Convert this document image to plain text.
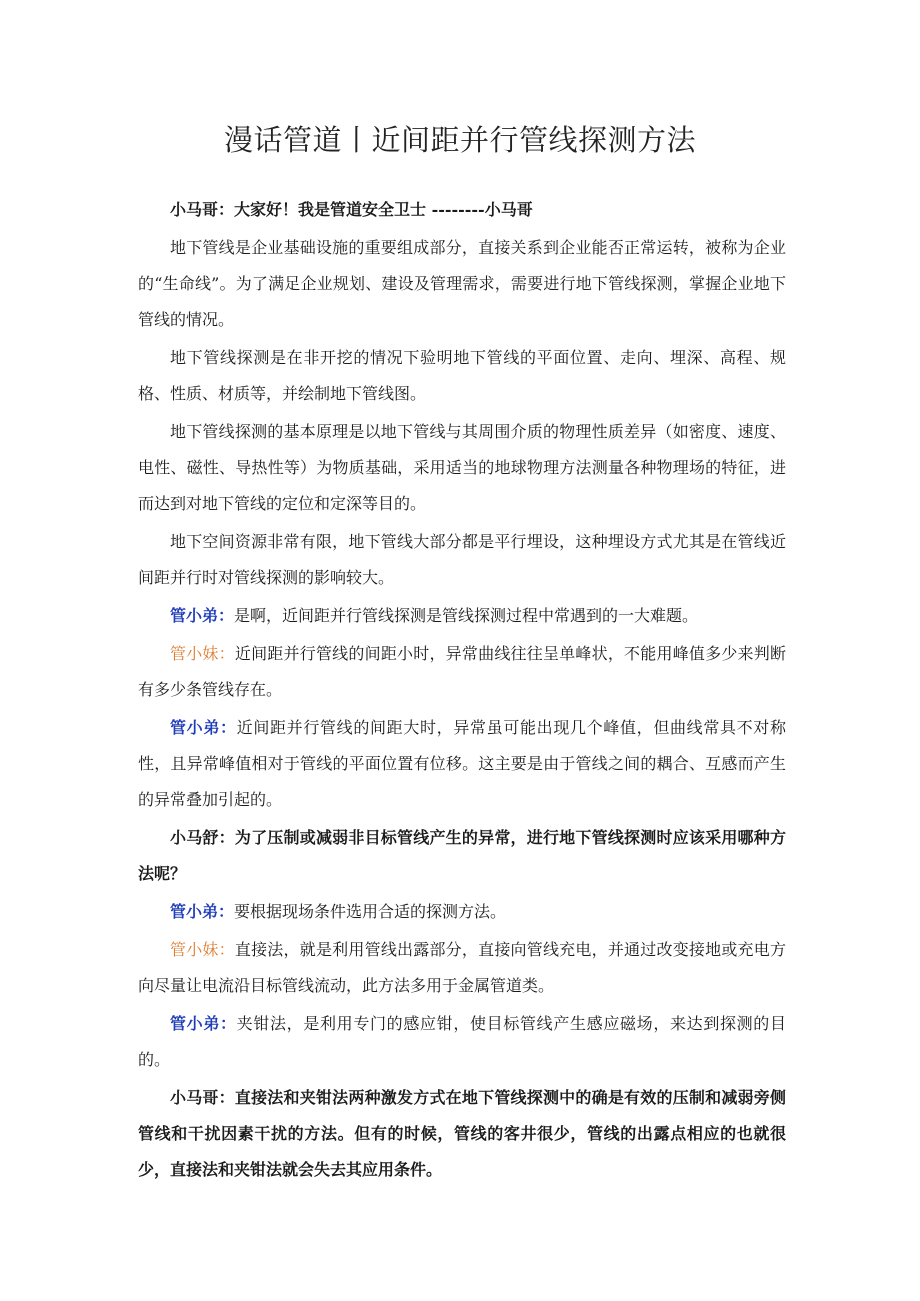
漫话管道丨近间距并行管线探测方法

小马哥：大家好！我是管道安全卫士 --------小马哥

地下管线是企业基础设施的重要组成部分，直接关系到企业能否正常运转，被称为企业的“生命线”。为了满足企业规划、建设及管理需求，需要进行地下管线探测，掌握企业地下管线的情况。

地下管线探测是在非开挖的情况下验明地下管线的平面位置、走向、埋深、高程、规格、性质、材质等，并绘制地下管线图。

地下管线探测的基本原理是以地下管线与其周围介质的物理性质差异（如密度、速度、电性、磁性、导热性等）为物质基础，采用适当的地球物理方法测量各种物理场的特征，进而达到对地下管线的定位和定深等目的。

地下空间资源非常有限，地下管线大部分都是平行埋设，这种埋设方式尤其是在管线近间距并行时对管线探测的影响较大。

管小弟：是啊，近间距并行管线探测是管线探测过程中常遇到的一大难题。

管小妹：近间距并行管线的间距小时，异常曲线往往呈单峰状，不能用峰值多少来判断有多少条管线存在。

管小弟：近间距并行管线的间距大时，异常虽可能出现几个峰值，但曲线常具不对称性，且异常峰值相对于管线的平面位置有位移。这主要是由于管线之间的耦合、互感而产生的异常叠加引起的。

小马舒：为了压制或减弱非目标管线产生的异常，进行地下管线探测时应该采用哪种方法呢？

管小弟：要根据现场条件选用合适的探测方法。

管小妹：直接法，就是利用管线出露部分，直接向管线充电，并通过改变接地或充电方向尽量让电流沿目标管线流动，此方法多用于金属管道类。

管小弟：夹钳法，是利用专门的感应钳，使目标管线产生感应磁场，来达到探测的目的。

小马哥：直接法和夹钳法两种激发方式在地下管线探测中的确是有效的压制和减弱旁侧管线和干扰因素干扰的方法。但有的时候，管线的客井很少，管线的出露点相应的也就很少，直接法和夹钳法就会失去其应用条件。
